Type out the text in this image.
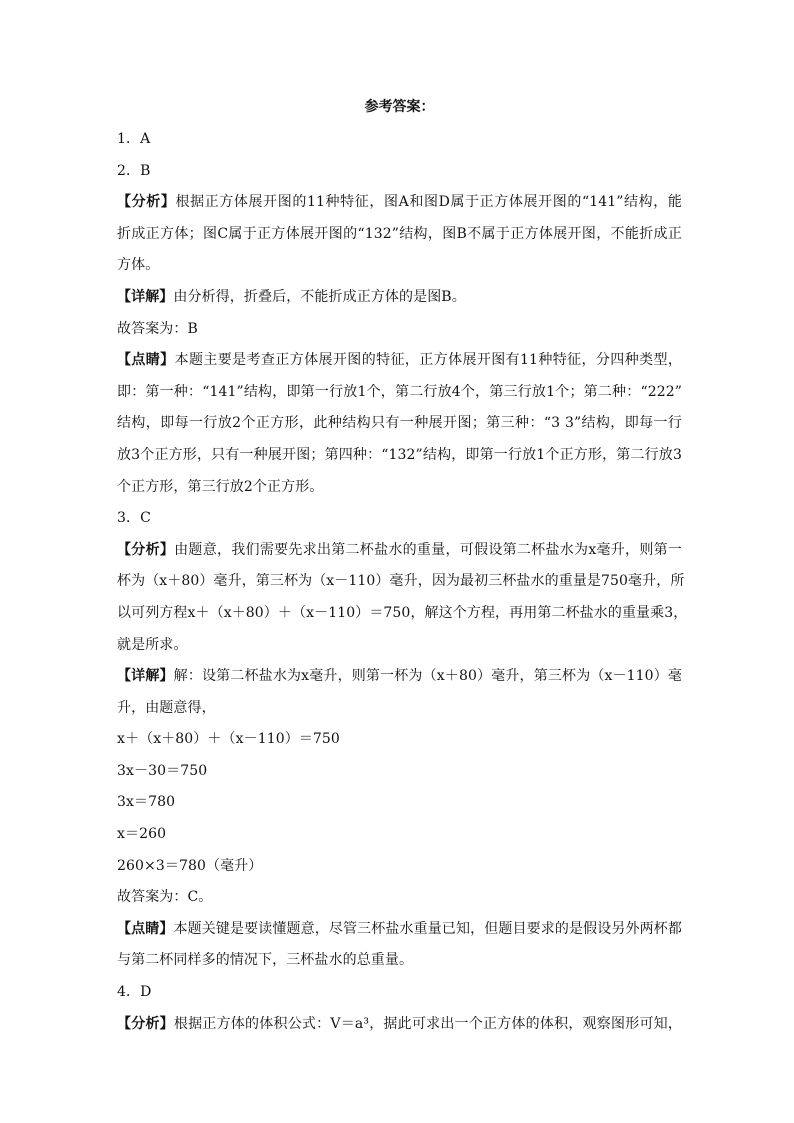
参考答案：
1．A
2．B
【分析】根据正方体展开图的11种特征，图A和图D属于正方体展开图的“141”结构，能
折成正方体；图C属于正方体展开图的“132”结构，图B不属于正方体展开图，不能折成正
方体。
【详解】由分析得，折叠后，不能折成正方体的是图B。
故答案为：B
【点睛】本题主要是考查正方体展开图的特征，正方体展开图有11种特征，分四种类型，
即：第一种：“141”结构，即第一行放1个，第二行放4个，第三行放1个；第二种：“222”
结构，即每一行放2个正方形，此种结构只有一种展开图；第三种：“3 3”结构，即每一行
放3个正方形，只有一种展开图；第四种：“132”结构，即第一行放1个正方形，第二行放3
个正方形，第三行放2个正方形。
3．C
【分析】由题意，我们需要先求出第二杯盐水的重量，可假设第二杯盐水为x毫升，则第一
杯为（x＋80）毫升，第三杯为（x－110）毫升，因为最初三杯盐水的重量是750毫升，所
以可列方程x＋（x＋80）＋（x－110）＝750，解这个方程，再用第二杯盐水的重量乘3，
就是所求。
【详解】解：设第二杯盐水为x毫升，则第一杯为（x＋80）毫升，第三杯为（x－110）毫
升，由题意得，
x＋（x＋80）＋（x－110）＝750
3x－30＝750
3x＝780
x＝260
260×3＝780（毫升）
故答案为：C。
【点睛】本题关键是要读懂题意，尽管三杯盐水重量已知，但题目要求的是假设另外两杯都
与第二杯同样多的情况下，三杯盐水的总重量。
4．D
【分析】根据正方体的体积公式：V＝a³，据此可求出一个正方体的体积，观察图形可知，
